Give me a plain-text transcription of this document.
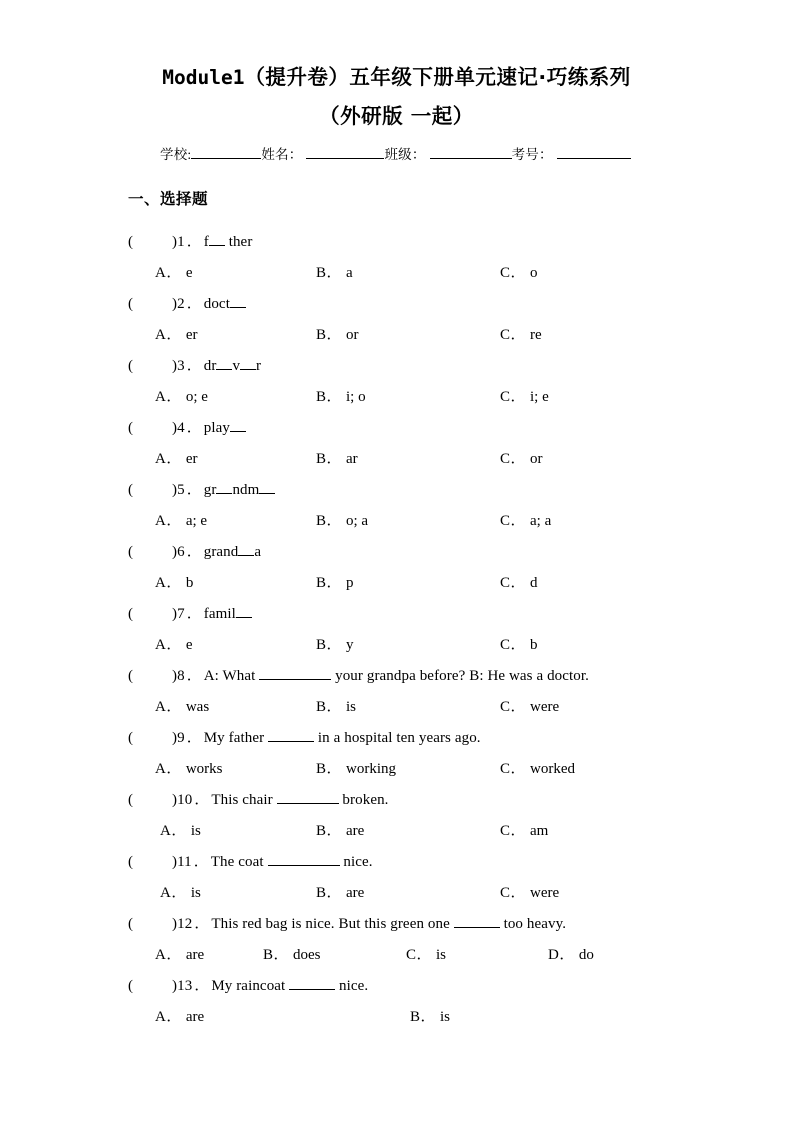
Module1（提升卷）五年级下册单元速记·巧练系列
（外研版 一起）
学校:	姓名：	班级：	考号：
一、选择题
(	)1 ．f ther
A． e	B． a	C． o
(	)2 ．doct
A． er	B． or	C． re
(	)3 ．dr v r
A． o; e	B． i; o	C． i; e
(	)4 ．play
A． er	B． ar	C． or
(	)5 ．gr ndm
A． a; e	B． o; a	C． a; a
(	)6 ．grand a
A． b	B． p	C． d
(	)7 ．famil
A． e	B． y	C． b
(	)8 ．A: What	your grandpa before? B: He was a doctor.
A． was	B． is	C． were
(	)9 ．My father	in a hospital ten years ago.
A． works	B． working	C． worked
(	)10 ．This chair	broken.
A． is	B． are	C． am
(	)11 ．The coat	nice.
A． is	B． are	C． were
(	)12 ．This red bag is nice. But this green one	too heavy.
A． are	B． does	C． is	D． do
(	)13 ．My raincoat	nice.
A． are	B． is
